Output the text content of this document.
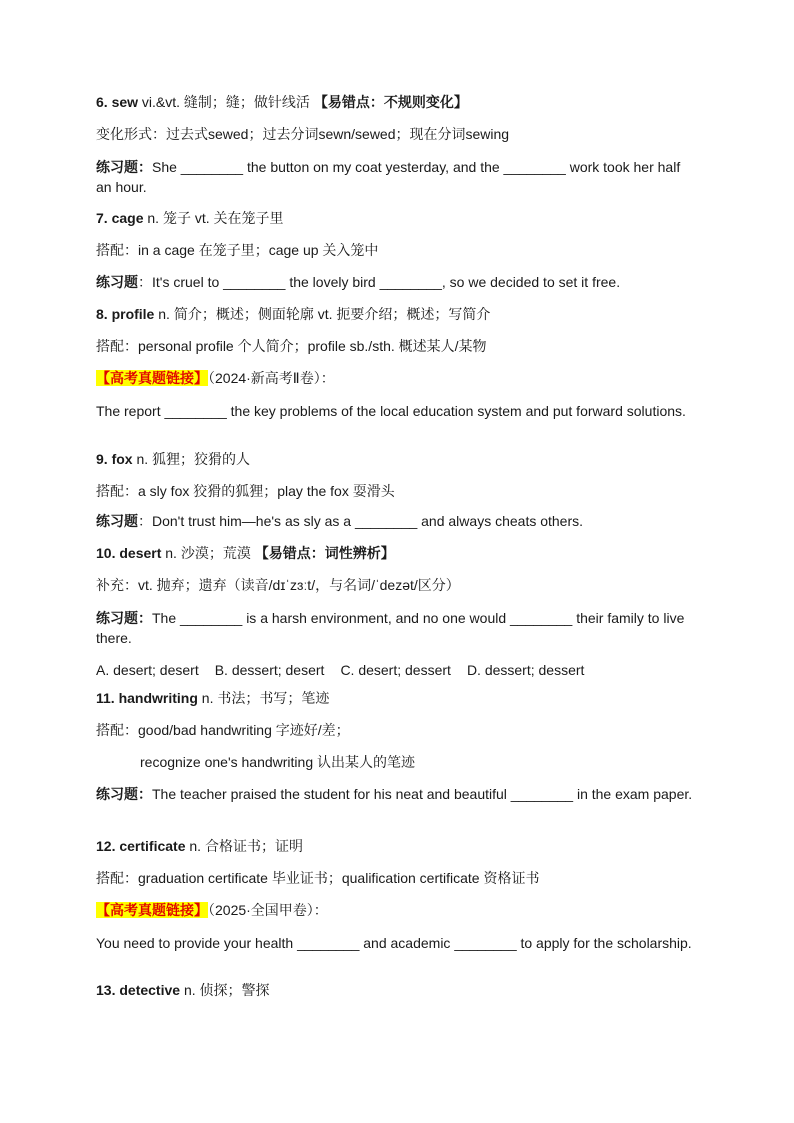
6. sew vi.&vt. 缝制；缝；做针线活 【易错点：不规则变化】
变化形式：过去式sewed；过去分词sewn/sewed；现在分词sewing
练习题：She ________ the button on my coat yesterday, and the ________ work took her half an hour.
7. cage n. 笼子 vt. 关在笼子里
搭配：in a cage 在笼子里；cage up 关入笼中
练习题：It's cruel to ________ the lovely bird ________, so we decided to set it free.
8. profile n. 简介；概述；侧面轮廓 vt. 扼要介绍；概述；写简介
搭配：personal profile 个人简介；profile sb./sth. 概述某人/某物
【高考真题链接】（2024·新高考Ⅱ卷）：
The report ________ the key problems of the local education system and put forward solutions.
9. fox n. 狐狸；狡猾的人
搭配：a sly fox 狡猾的狐狸；play the fox 耍滑头
练习题：Don't trust him—he's as sly as a ________ and always cheats others.
10. desert n. 沙漠；荒漠 【易错点：词性辨析】
补充：vt. 抛弃；遗弃（读音/dɪˈzɜːt/，与名词/ˈdezət/区分）
练习题：The ________ is a harsh environment, and no one would ________ their family to live there.
A. desert; desert B. dessert; desert C. desert; dessert D. dessert; dessert
11. handwriting n. 书法；书写；笔迹
搭配：good/bad handwriting 字迹好/差；
recognize one's handwriting 认出某人的笔迹
练习题：The teacher praised the student for his neat and beautiful ________ in the exam paper.
12. certificate n. 合格证书；证明
搭配：graduation certificate 毕业证书；qualification certificate 资格证书
【高考真题链接】（2025·全国甲卷）：
You need to provide your health ________ and academic ________ to apply for the scholarship.
13. detective n. 侦探；警探
